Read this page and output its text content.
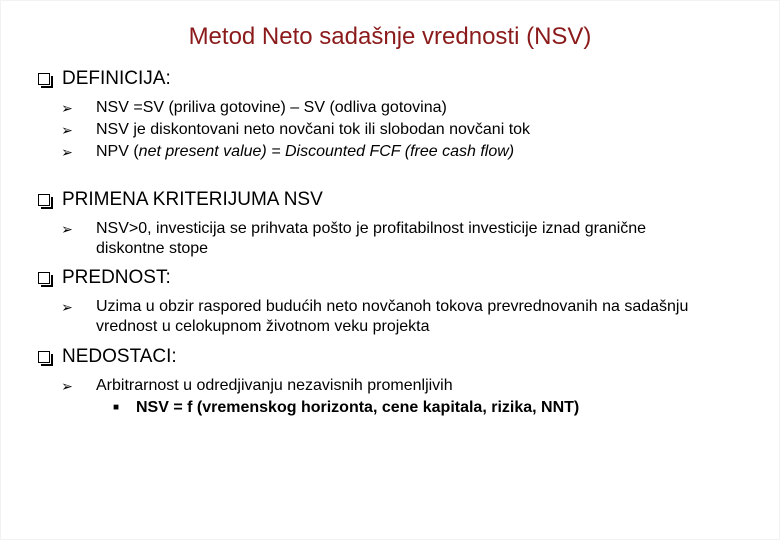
Metod Neto sadašnje vrednosti (NSV)
DEFINICIJA:
➢ NSV =SV (priliva gotovine) – SV (odliva gotovina)
➢ NSV je diskontovani neto novčani tok ili slobodan novčani tok
➢ NPV (net present value) = Discounted FCF (free cash flow)
PRIMENA KRITERIJUMA NSV
➢ NSV>0, investicija se prihvata pošto je profitabilnost investicije iznad granične diskontne stope
PREDNOST:
➢ Uzima u obzir raspored budućih neto novčanoh tokova prevrednovanih na sadašnju vrednost u celokupnom životnom veku projekta
NEDOSTACI:
➢ Arbitrarnost u odredjivanju nezavisnih promenljivih
■ NSV = f (vremenskog horizonta, cene kapitala, rizika, NNT)
